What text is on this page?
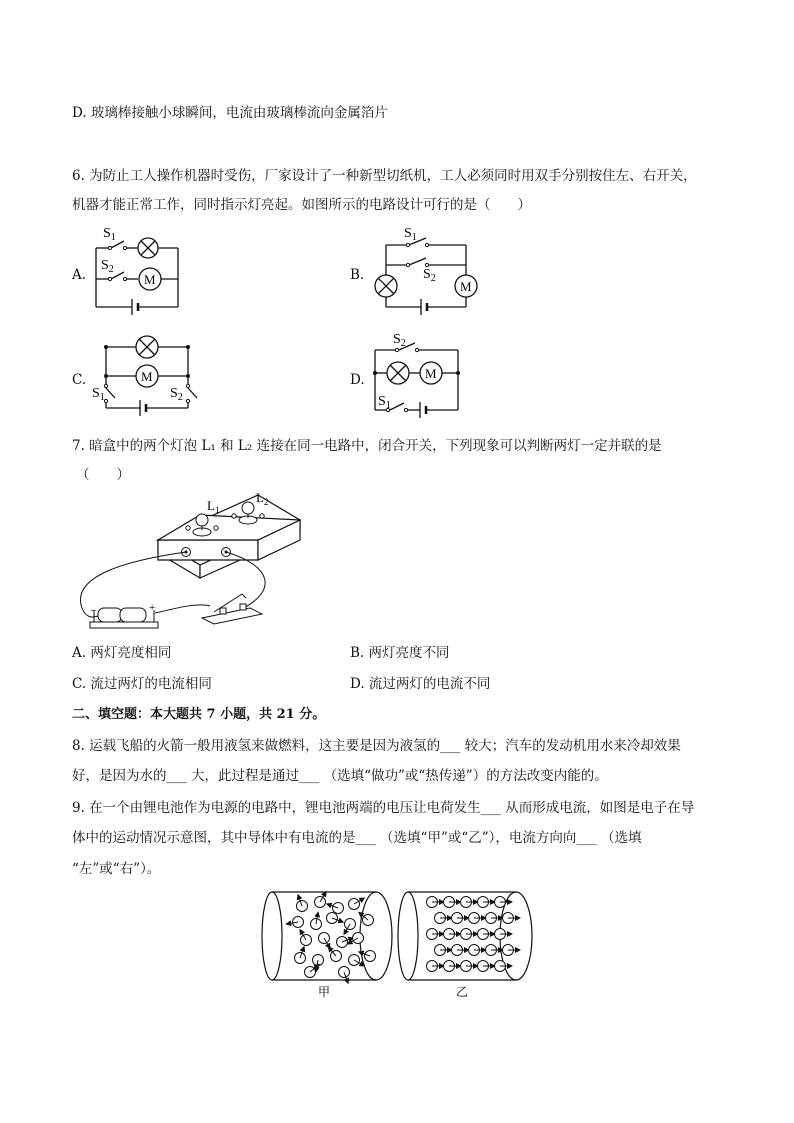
D. 玻璃棒接触小球瞬间，电流由玻璃棒流向金属箔片
6. 为防止工人操作机器时受伤，厂家设计了一种新型切纸机，工人必须同时用双手分别按住左、右开关，
机器才能正常工作，同时指示灯亮起。如图所示的电路设计可行的是（　　）
A.	B.
C.	D.
$S_1$
$S_2$
M
$S_1$
$S_2$
M
$S_1$	$S_2$
M
$S_2$
$S_1$
M
7. 暗盒中的两个灯泡 L₁ 和 L₂ 连接在同一电路中，闭合开关，下列现象可以判断两灯一定并联的是
（　　）
$L_1$
$L_2$
−	+
A. 两灯亮度相同	B. 两灯亮度不同
C. 流过两灯的电流相同	D. 流过两灯的电流不同
二、填空题：本大题共 7 小题，共 21 分。
8. 运载飞船的火箭一般用液氢来做燃料，这主要是因为液氢的___ 较大；汽车的发动机用水来冷却效果
好，是因为水的___ 大，此过程是通过___ （选填“做功”或“热传递”）的方法改变内能的。
9. 在一个由锂电池作为电源的电路中，锂电池两端的电压让电荷发生___ 从而形成电流，如图是电子在导
体中的运动情况示意图，其中导体中有电流的是___ （选填“甲”或“乙”），电流方向向___ （选填
“左”或“右”）。
甲	乙
